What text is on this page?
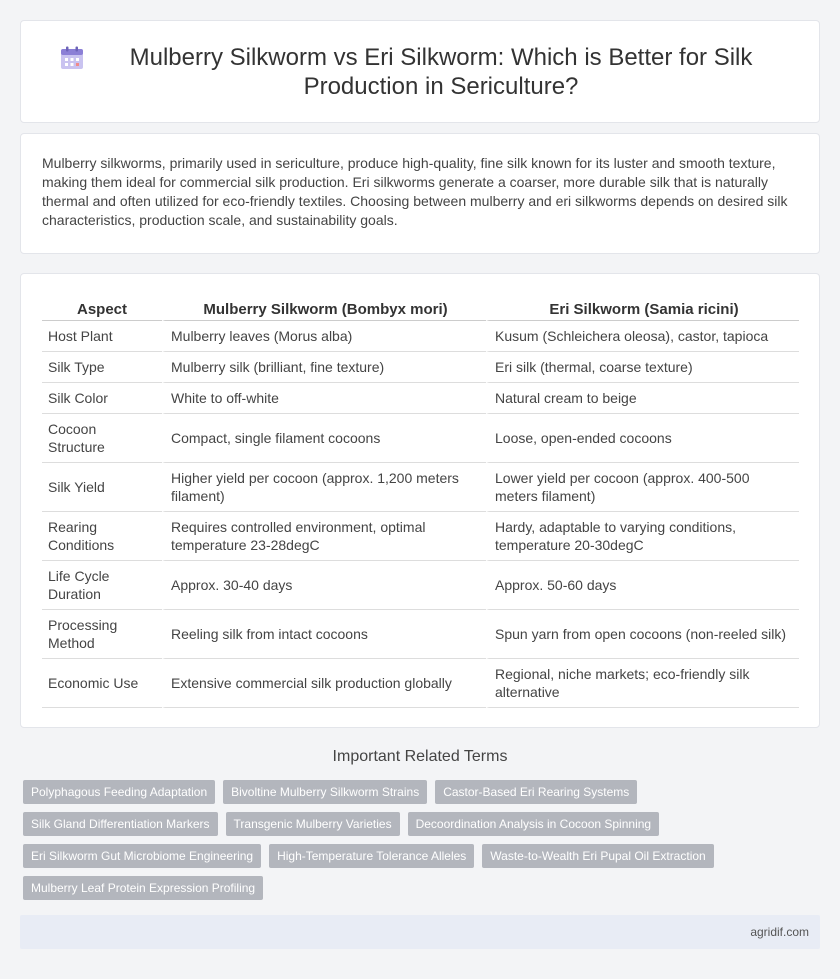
Mulberry Silkworm vs Eri Silkworm: Which is Better for Silk Production in Sericulture?

Mulberry silkworms, primarily used in sericulture, produce high-quality, fine silk known for its luster and smooth texture, making them ideal for commercial silk production. Eri silkworms generate a coarser, more durable silk that is naturally thermal and often utilized for eco-friendly textiles. Choosing between mulberry and eri silkworms depends on desired silk characteristics, production scale, and sustainability goals.

Aspect	Mulberry Silkworm (Bombyx mori)	Eri Silkworm (Samia ricini)
Host Plant	Mulberry leaves (Morus alba)	Kusum (Schleichera oleosa), castor, tapioca
Silk Type	Mulberry silk (brilliant, fine texture)	Eri silk (thermal, coarse texture)
Silk Color	White to off-white	Natural cream to beige
Cocoon Structure	Compact, single filament cocoons	Loose, open-ended cocoons
Silk Yield	Higher yield per cocoon (approx. 1,200 meters filament)	Lower yield per cocoon (approx. 400-500 meters filament)
Rearing Conditions	Requires controlled environment, optimal temperature 23-28degC	Hardy, adaptable to varying conditions, temperature 20-30degC
Life Cycle Duration	Approx. 30-40 days	Approx. 50-60 days
Processing Method	Reeling silk from intact cocoons	Spun yarn from open cocoons (non-reeled silk)
Economic Use	Extensive commercial silk production globally	Regional, niche markets; eco-friendly silk alternative
Important Related Terms
Polyphagous Feeding Adaptation	Bivoltine Mulberry Silkworm Strains	Castor-Based Eri Rearing Systems
Silk Gland Differentiation Markers	Transgenic Mulberry Varieties	Decoordination Analysis in Cocoon Spinning
Eri Silkworm Gut Microbiome Engineering	High-Temperature Tolerance Alleles	Waste-to-Wealth Eri Pupal Oil Extraction
Mulberry Leaf Protein Expression Profiling
agridif.com
